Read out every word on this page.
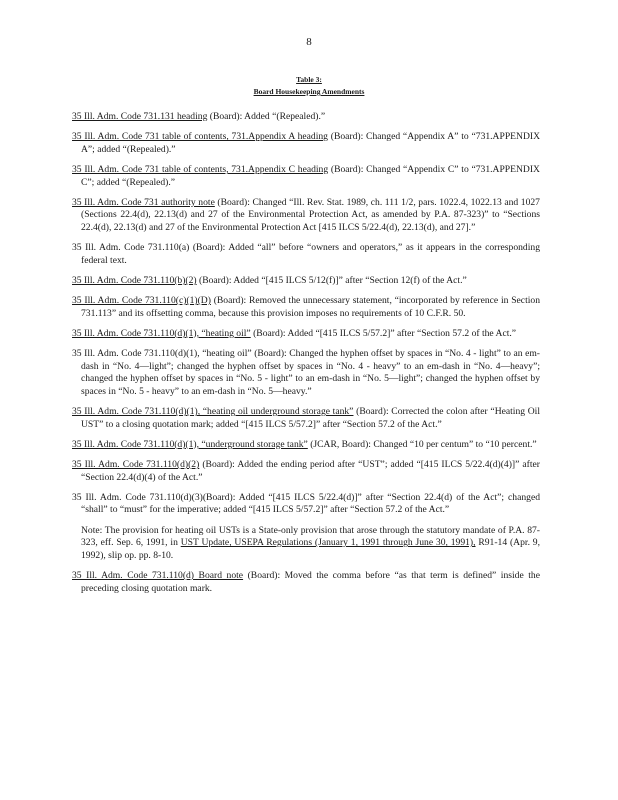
8
Table 3:
Board Housekeeping Amendments

35 Ill. Adm. Code 731.131 heading (Board): Added “(Repealed).”

35 Ill. Adm. Code 731 table of contents, 731.Appendix A heading (Board): Changed “Appendix A” to “731.APPENDIX A”; added “(Repealed).”

35 Ill. Adm. Code 731 table of contents, 731.Appendix C heading (Board): Changed “Appendix C” to “731.APPENDIX C”; added “(Repealed).”

35 Ill. Adm. Code 731 authority note (Board): Changed “Ill. Rev. Stat. 1989, ch. 111 1/2, pars. 1022.4, 1022.13 and 1027 (Sections 22.4(d), 22.13(d) and 27 of the Environmental Protection Act, as amended by P.A. 87-323)” to “Sections 22.4(d), 22.13(d) and 27 of the Environmental Protection Act [415 ILCS 5/22.4(d), 22.13(d), and 27].”

35 Ill. Adm. Code 731.110(a) (Board): Added “all” before “owners and operators,” as it appears in the corresponding federal text.

35 Ill. Adm. Code 731.110(b)(2) (Board): Added “[415 ILCS 5/12(f)]” after “Section 12(f) of the Act.”

35 Ill. Adm. Code 731.110(c)(1)(D) (Board): Removed the unnecessary statement, “incorporated by reference in Section 731.113” and its offsetting comma, because this provision imposes no requirements of 10 C.F.R. 50.

35 Ill. Adm. Code 731.110(d)(1), “heating oil” (Board): Added “[415 ILCS 5/57.2]” after “Section 57.2 of the Act.”

35 Ill. Adm. Code 731.110(d)(1), “heating oil” (Board): Changed the hyphen offset by spaces in “No. 4 - light” to an em-dash in “No. 4—light”; changed the hyphen offset by spaces in “No. 4 - heavy” to an em-dash in “No. 4—heavy”; changed the hyphen offset by spaces in “No. 5 - light” to an em-dash in “No. 5—light”; changed the hyphen offset by spaces in “No. 5 - heavy” to an em-dash in “No. 5—heavy.”

35 Ill. Adm. Code 731.110(d)(1), “heating oil underground storage tank” (Board): Corrected the colon after “Heating Oil UST” to a closing quotation mark; added “[415 ILCS 5/57.2]” after “Section 57.2 of the Act.”

35 Ill. Adm. Code 731.110(d)(1), “underground storage tank” (JCAR, Board): Changed “10 per centum” to “10 percent.”

35 Ill. Adm. Code 731.110(d)(2) (Board): Added the ending period after “UST”; added “[415 ILCS 5/22.4(d)(4)]” after “Section 22.4(d)(4) of the Act.”

35 Ill. Adm. Code 731.110(d)(3)(Board): Added “[415 ILCS 5/22.4(d)]” after “Section 22.4(d) of the Act”; changed “shall” to “must” for the imperative; added “[415 ILCS 5/57.2]” after “Section 57.2 of the Act.”

Note: The provision for heating oil USTs is a State-only provision that arose through the statutory mandate of P.A. 87-323, eff. Sep. 6, 1991, in UST Update, USEPA Regulations (January 1, 1991 through June 30, 1991), R91-14 (Apr. 9, 1992), slip op. pp. 8-10.

35 Ill. Adm. Code 731.110(d) Board note (Board): Moved the comma before “as that term is defined” inside the preceding closing quotation mark.
